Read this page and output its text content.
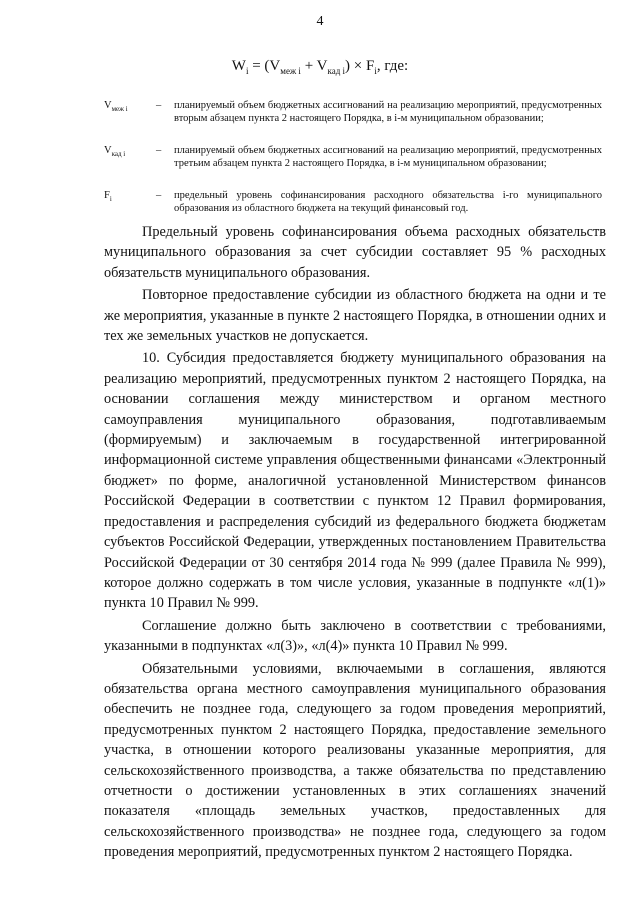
4
$W_i = (V_{меж i} + V_{кад i}) \times F_i$, где:
$V_{меж i}$	– планируемый объем бюджетных ассигнований на реализацию мероприятий, предусмотренных вторым абзацем пункта 2 настоящего Порядка, в i-м муниципальном образовании;
$V_{кад i}$	– планируемый объем бюджетных ассигнований на реализацию мероприятий, предусмотренных третьим абзацем пункта 2 настоящего Порядка, в i-м муниципальном образовании;
$F_i$	– предельный уровень софинансирования расходного обязательства i-го муниципального образования из областного бюджета на текущий финансовый год.

Предельный уровень софинансирования объема расходных обязательств муниципального образования за счет субсидии составляет 95 % расходных обязательств муниципального образования.

Повторное предоставление субсидии из областного бюджета на одни и те же мероприятия, указанные в пункте 2 настоящего Порядка, в отношении одних и тех же земельных участков не допускается.

10. Субсидия предоставляется бюджету муниципального образования на реализацию мероприятий, предусмотренных пунктом 2 настоящего Порядка, на основании соглашения между министерством и органом местного самоуправления муниципального образования, подготавливаемым (формируемым) и заключаемым в государственной интегрированной информационной системе управления общественными финансами «Электронный бюджет» по форме, аналогичной установленной Министерством финансов Российской Федерации в соответствии с пунктом 12 Правил формирования, предоставления и распределения субсидий из федерального бюджета бюджетам субъектов Российской Федерации, утвержденных постановлением Правительства Российской Федерации от 30 сентября 2014 года № 999 (далее Правила № 999), которое должно содержать в том числе условия, указанные в подпункте «л(1)» пункта 10 Правил № 999.

Соглашение должно быть заключено в соответствии с требованиями, указанными в подпунктах «л(3)», «л(4)» пункта 10 Правил № 999.

Обязательными условиями, включаемыми в соглашения, являются обязательства органа местного самоуправления муниципального образования обеспечить не позднее года, следующего за годом проведения мероприятий, предусмотренных пунктом 2 настоящего Порядка, предоставление земельного участка, в отношении которого реализованы указанные мероприятия, для сельскохозяйственного производства, а также обязательства по представлению отчетности о достижении установленных в этих соглашениях значений показателя «площадь земельных участков, предоставленных для сельскохозяйственного производства» не позднее года, следующего за годом проведения мероприятий, предусмотренных пунктом 2 настоящего Порядка.
